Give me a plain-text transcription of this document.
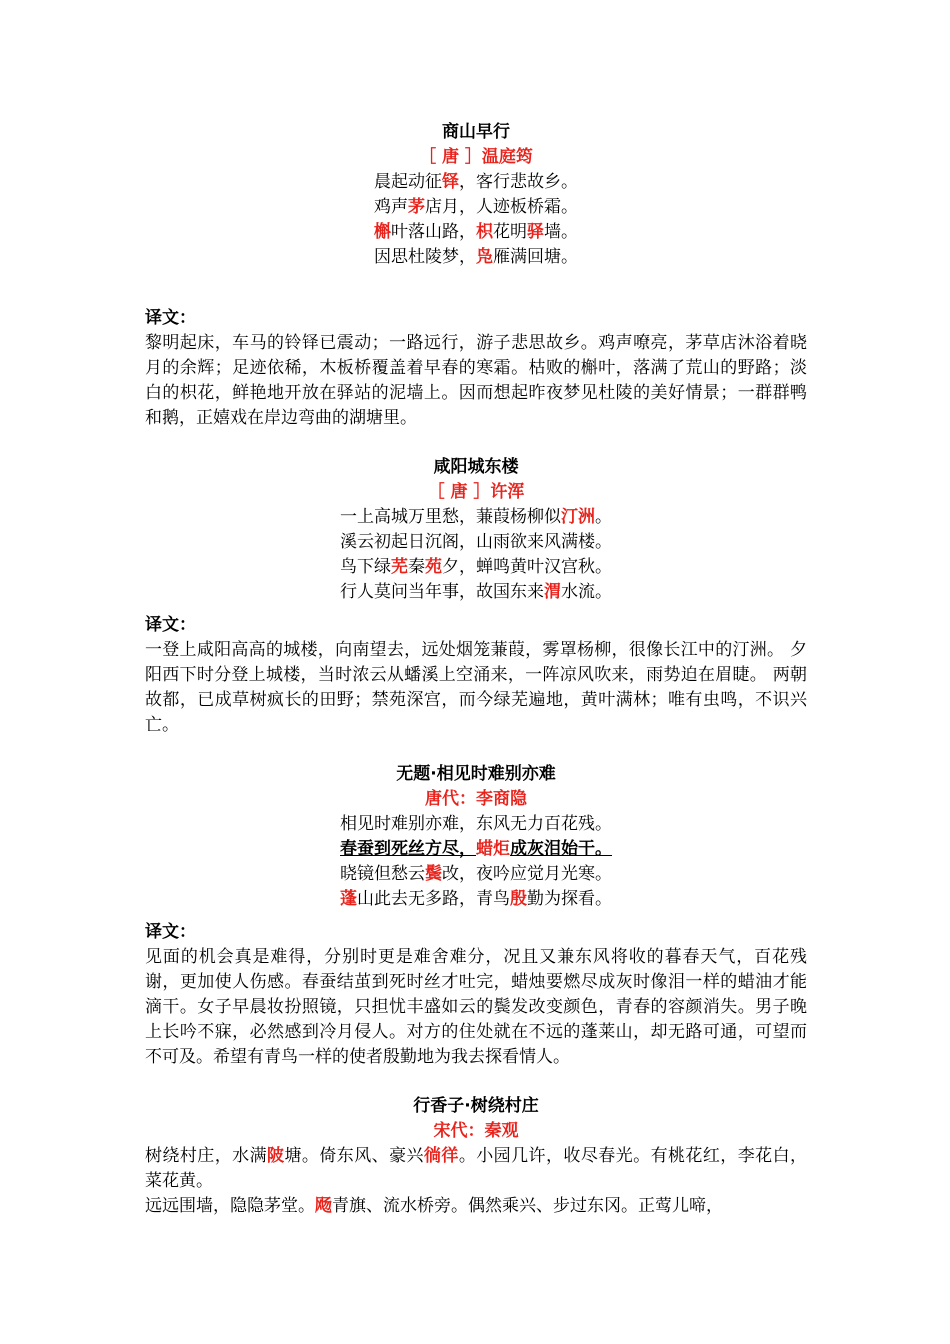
商山早行
［ 唐 ］温庭筠
晨起动征铎，客行悲故乡。
鸡声茅店月，人迹板桥霜。
槲叶落山路，枳花明驿墙。
因思杜陵梦，凫雁满回塘。
译文：
黎明起床，车马的铃铎已震动；一路远行，游子悲思故乡。鸡声嘹亮，茅草店沐浴着晓月的余辉；足迹依稀，木板桥覆盖着早春的寒霜。枯败的槲叶，落满了荒山的野路；淡白的枳花，鲜艳地开放在驿站的泥墙上。因而想起昨夜梦见杜陵的美好情景；一群群鸭和鹅，正嬉戏在岸边弯曲的湖塘里。
咸阳城东楼
［ 唐 ］许浑
一上高城万里愁，蒹葭杨柳似汀洲。
溪云初起日沉阁，山雨欲来风满楼。
鸟下绿芜秦苑夕，蝉鸣黄叶汉宫秋。
行人莫问当年事，故国东来渭水流。
译文：
一登上咸阳高高的城楼，向南望去，远处烟笼蒹葭，雾罩杨柳，很像长江中的汀洲。 夕阳西下时分登上城楼，当时浓云从蟠溪上空涌来，一阵凉风吹来，雨势迫在眉睫。 两朝故都，已成草树疯长的田野；禁苑深宫，而今绿芜遍地，黄叶满林；唯有虫鸣，不识兴亡。
无题·相见时难别亦难
唐代：李商隐
相见时难别亦难，东风无力百花残。
春蚕到死丝方尽，蜡炬成灰泪始干。
晓镜但愁云鬓改，夜吟应觉月光寒。
蓬山此去无多路，青鸟殷勤为探看。
译文：
见面的机会真是难得，分别时更是难舍难分，况且又兼东风将收的暮春天气，百花残谢，更加使人伤感。春蚕结茧到死时丝才吐完，蜡烛要燃尽成灰时像泪一样的蜡油才能滴干。女子早晨妆扮照镜，只担忧丰盛如云的鬓发改变颜色，青春的容颜消失。男子晚上长吟不寐，必然感到冷月侵人。对方的住处就在不远的蓬莱山，却无路可通，可望而不可及。希望有青鸟一样的使者殷勤地为我去探看情人。
行香子·树绕村庄
宋代：秦观
树绕村庄，水满陂塘。倚东风、豪兴徜徉。小园几许，收尽春光。有桃花红，李花白，菜花黄。
远远围墙，隐隐茅堂。飏青旗、流水桥旁。偶然乘兴、步过东冈。正莺儿啼，
